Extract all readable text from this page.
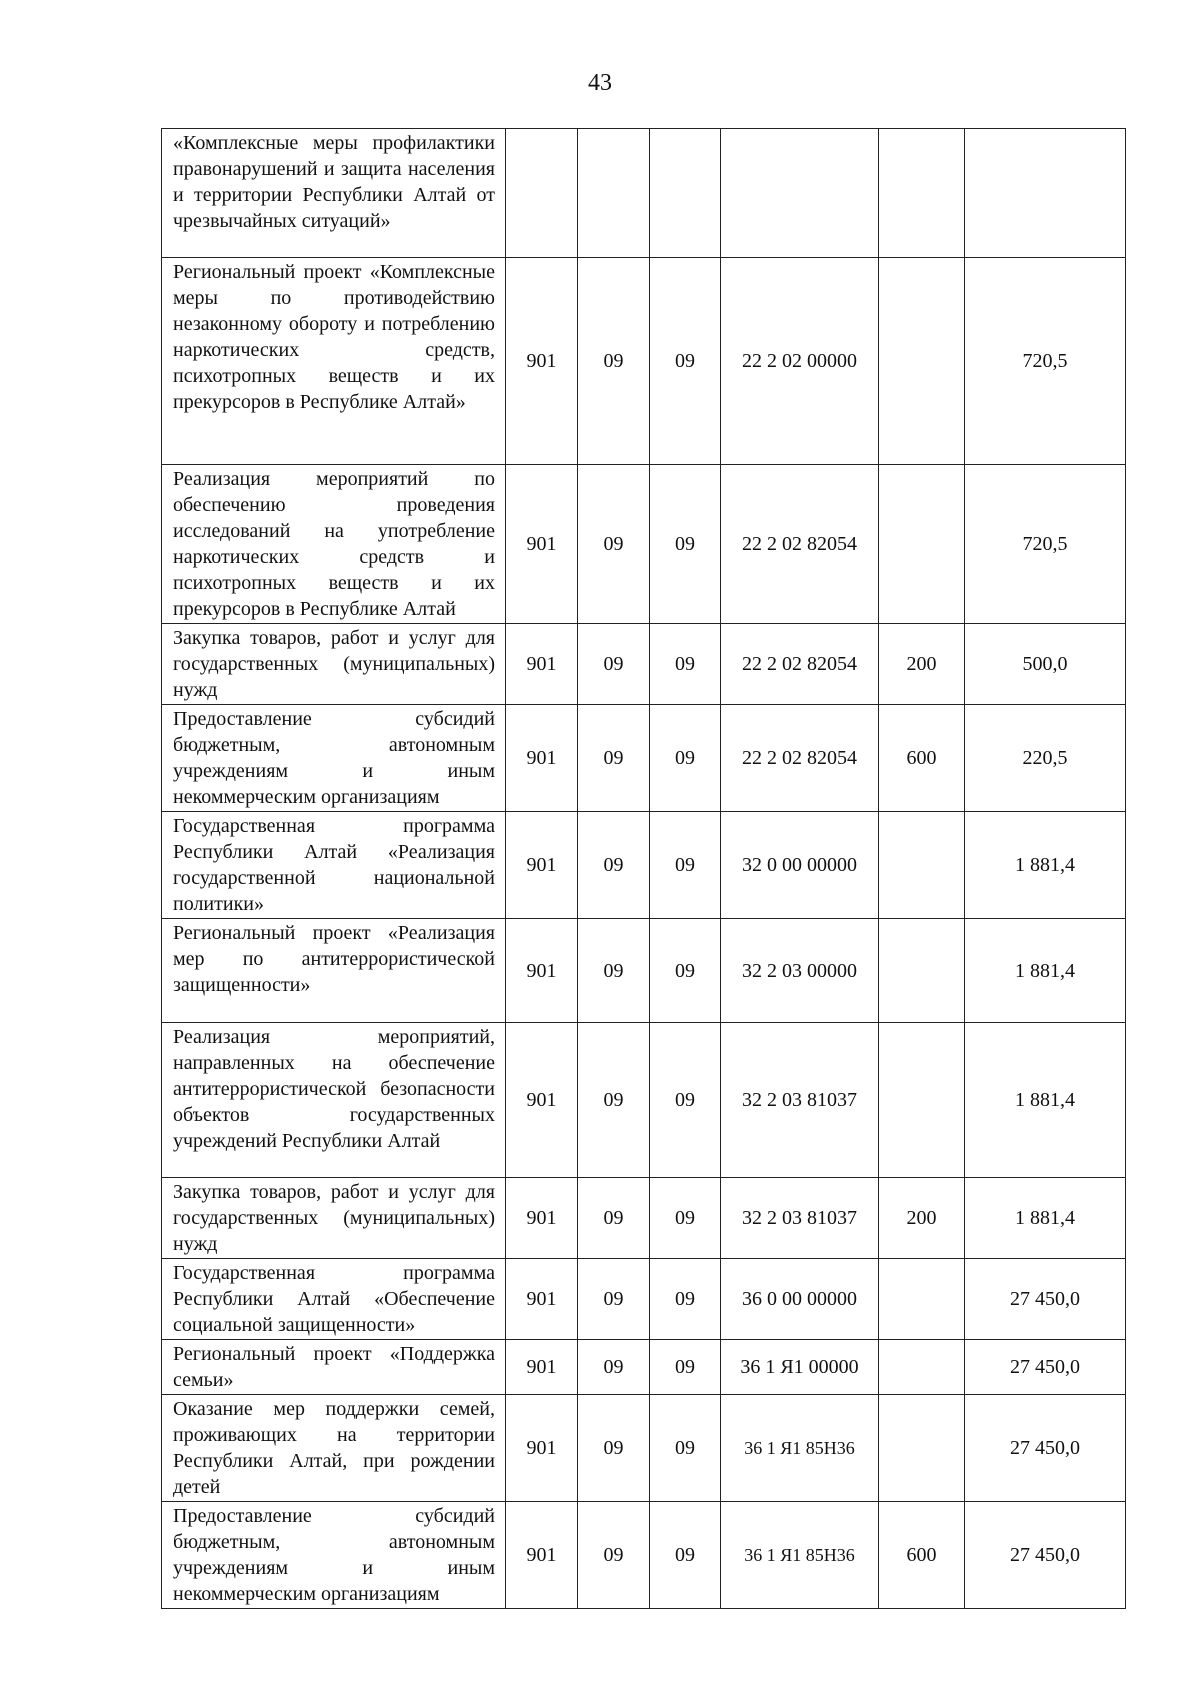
43
«Комплексные меры профилактики правонарушений и защита населения и территории Республики Алтай от чрезвычайных ситуаций»						
Региональный проект «Комплексные меры по противодействию незаконному обороту и потреблению наркотических средств, психотропных веществ и их прекурсоров в Республике Алтай»	901	09	09	22 2 02 00000		720,5
Реализация мероприятий по обеспечению проведения исследований на употребление наркотических средств и психотропных веществ и их прекурсоров в Республике Алтай	901	09	09	22 2 02 82054		720,5
Закупка товаров, работ и услуг для государственных (муниципальных) нужд	901	09	09	22 2 02 82054	200	500,0
Предоставление субсидий бюджетным, автономным учреждениям и иным некоммерческим организациям	901	09	09	22 2 02 82054	600	220,5
Государственная программа Республики Алтай «Реализация государственной национальной политики»	901	09	09	32 0 00 00000		1 881,4
Региональный проект «Реализация мер по антитеррористической защищенности»	901	09	09	32 2 03 00000		1 881,4
Реализация мероприятий, направленных на обеспечение антитеррористической безопасности объектов государственных учреждений Республики Алтай	901	09	09	32 2 03 81037		1 881,4
Закупка товаров, работ и услуг для государственных (муниципальных) нужд	901	09	09	32 2 03 81037	200	1 881,4
Государственная программа Республики Алтай «Обеспечение социальной защищенности»	901	09	09	36 0 00 00000		27 450,0
Региональный проект «Поддержка семьи»	901	09	09	36 1 Я1 00000		27 450,0
Оказание мер поддержки семей, проживающих на территории Республики Алтай, при рождении детей	901	09	09	36 1 Я1 85Н36		27 450,0
Предоставление субсидий бюджетным, автономным учреждениям и иным некоммерческим организациям	901	09	09	36 1 Я1 85Н36	600	27 450,0
